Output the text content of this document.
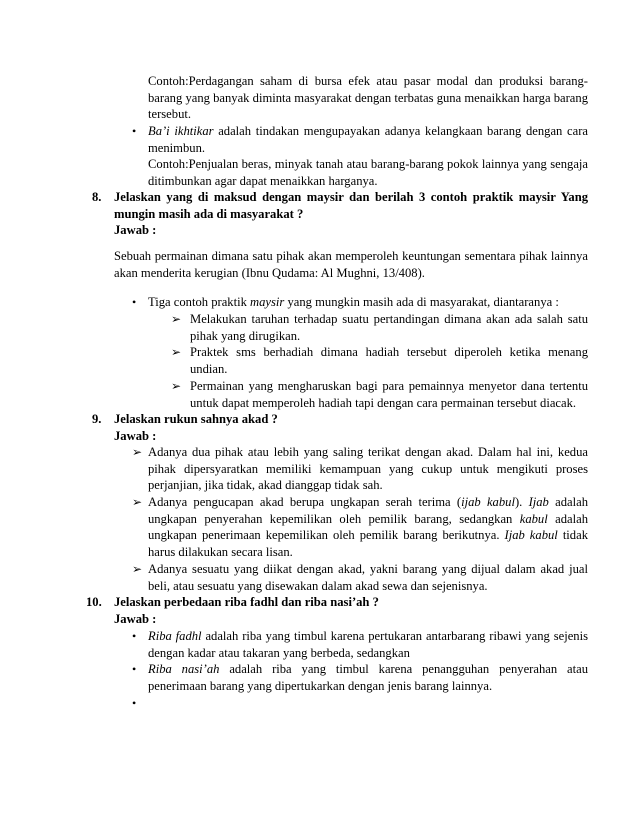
Contoh:Perdagangan saham di bursa efek atau pasar modal dan produksi barang-barang yang banyak diminta masyarakat dengan terbatas guna menaikkan harga barang tersebut.
• Ba’i ikhtikar adalah tindakan mengupayakan adanya kelangkaan barang dengan cara menimbun.
Contoh:Penjualan beras, minyak tanah atau barang-barang pokok lainnya yang sengaja ditimbunkan agar dapat menaikkan harganya.
8. Jelaskan yang di maksud dengan maysir dan berilah 3 contoh praktik maysir Yang mungin masih ada di masyarakat ?
Jawab :
Sebuah permainan dimana satu pihak akan memperoleh keuntungan sementara pihak lainnya akan menderita kerugian (Ibnu Qudama: Al Mughni, 13/408).
• Tiga contoh praktik maysir yang mungkin masih ada di masyarakat, diantaranya :
➢ Melakukan taruhan terhadap suatu pertandingan dimana akan ada salah satu pihak yang dirugikan.
➢ Praktek sms berhadiah dimana hadiah tersebut diperoleh ketika menang undian.
➢ Permainan yang mengharuskan bagi para pemainnya menyetor dana tertentu untuk dapat memperoleh hadiah tapi dengan cara permainan tersebut diacak.
9. Jelaskan rukun sahnya akad ?
Jawab :
➢ Adanya dua pihak atau lebih yang saling terikat dengan akad. Dalam hal ini, kedua pihak dipersyaratkan memiliki kemampuan yang cukup untuk mengikuti proses perjanjian, jika tidak, akad dianggap tidak sah.
➢ Adanya pengucapan akad berupa ungkapan serah terima (ijab kabul). Ijab adalah ungkapan penyerahan kepemilikan oleh pemilik barang, sedangkan kabul adalah ungkapan penerimaan kepemilikan oleh pemilik barang berikutnya. Ijab kabul tidak harus dilakukan secara lisan.
➢ Adanya sesuatu yang diikat dengan akad, yakni barang yang dijual dalam akad jual beli, atau sesuatu yang disewakan dalam akad sewa dan sejenisnya.
10. Jelaskan perbedaan riba fadhl dan riba nasi’ah ?
Jawab :
• Riba fadhl adalah riba yang timbul karena pertukaran antarbarang ribawi yang sejenis dengan kadar atau takaran yang berbeda, sedangkan
• Riba nasi’ah adalah riba yang timbul karena penangguhan penyerahan atau penerimaan barang yang dipertukarkan dengan jenis barang lainnya.
•
